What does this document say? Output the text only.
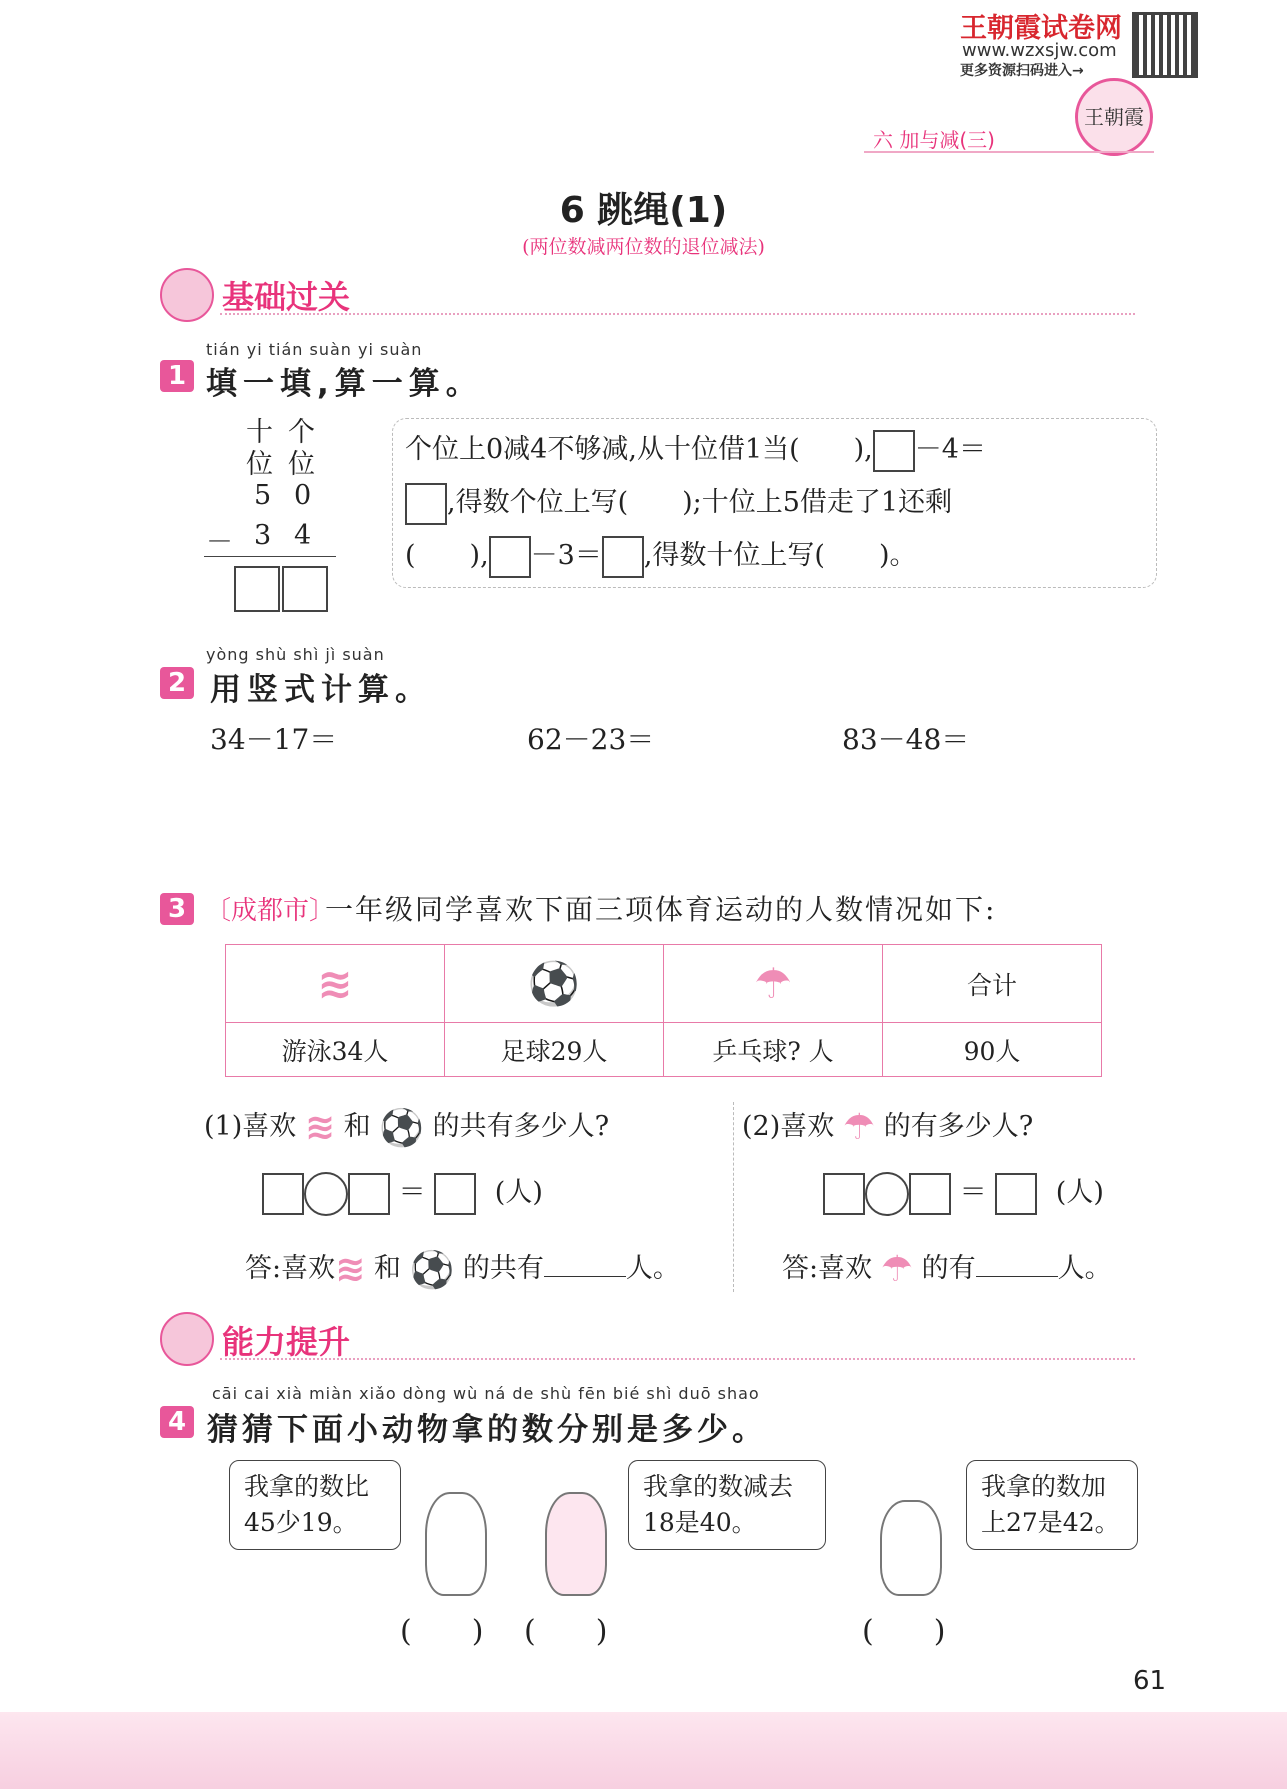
王朝霞试卷网
www.wzxsjw.com
更多资源扫码进入→
王朝霞
六 加与减(三)
6 跳绳(1)
(两位数减两位数的退位减法)
基础过关
tián yi tián suàn yi suàn
1 填一填,算一算。
十 个
位 位
5 0
－ 3 4
个位上0减4不够减,从十位借1当(　　), －4＝
,得数个位上写(　　);十位上5借走了1还剩
(　　), －3＝ ,得数十位上写(　　)。
yòng shù shì jì suàn
2 用竖式计算。
34－17＝	62－23＝	83－48＝
3 〔成都市〕
一年级同学喜欢下面三项体育运动的人数情况如下:
≋	⚽	☂	合计
游泳34人	足球29人	乒乓球? 人	90人
(1)喜欢 ≋ 和 ⚽ 的共有多少人?
＝	(人)
答:喜欢≋ 和 ⚽ 的共有	人。
(2)喜欢 ☂ 的有多少人?
＝	(人)
答:喜欢 ☂ 的有	人。
能力提升
cāi cai xià miàn xiǎo dòng wù ná de shù fēn bié shì duō shao
4 猜猜下面小动物拿的数分别是多少。
我拿的数比
45少19。
我拿的数减去
18是40。
我拿的数加
上27是42。
(　　) (　　)	(　　)
61
